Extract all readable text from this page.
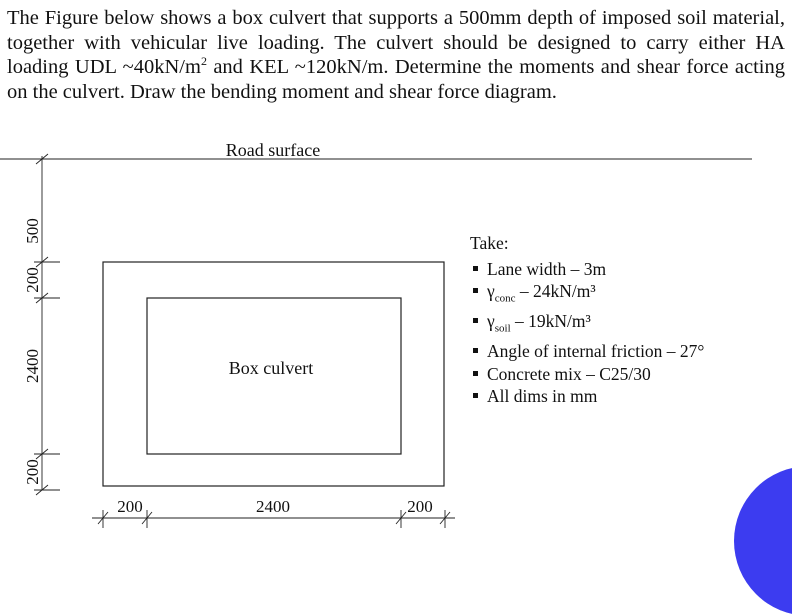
The Figure below shows a box culvert that supports a 500mm depth of imposed soil material, together with vehicular live loading. The culvert should be designed to carry either HA loading UDL $\sim 40kN/m^2$ and KEL ~120kN/m. Determine the moments and shear force acting on the culvert. Draw the bending moment and shear force diagram.

Road surface
Box culvert
500
200
2400
200
200	2400	200

Take:

Lane width – 3m
$\gamma_{conc} - 24kN/m^3$
$\gamma_{soil} - 19kN/m^3$
Angle of internal friction – 27°
Concrete mix – C25/30
All dims in mm
